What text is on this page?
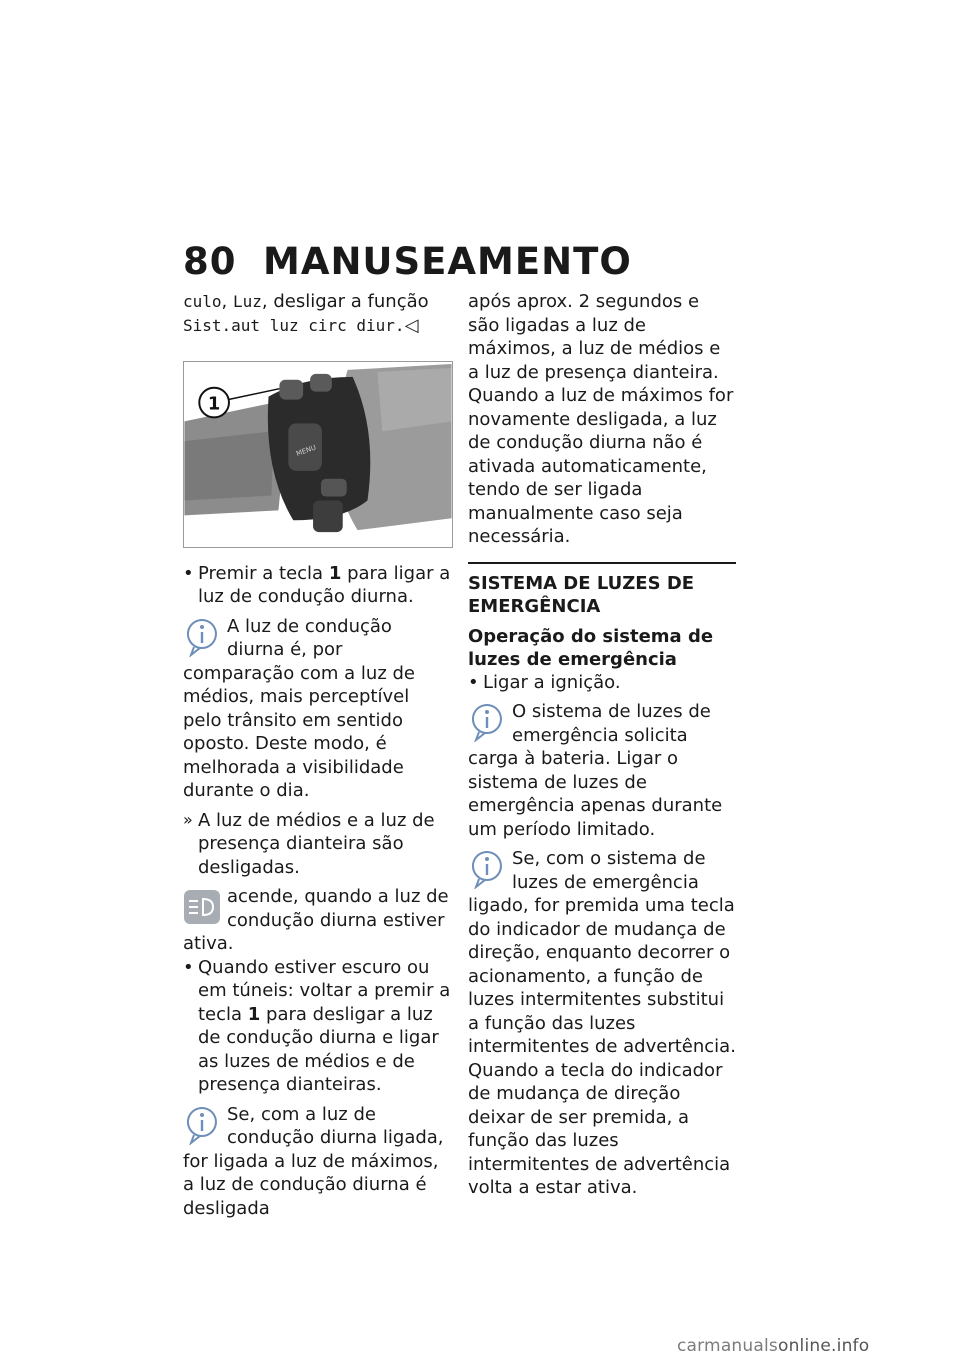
80 MANUSEAMENTO

culo, Luz, desligar a função
Sist.aut luz circ diur.◁

MENU
1
• Premir a tecla 1 para ligar a luz de condução diurna.
A luz de condução diurna é, por comparação com a luz de médios, mais perceptível pelo trânsito em sentido oposto. Deste modo, é melhorada a visibilidade durante o dia.
» A luz de médios e a luz de presença dianteira são desligadas.
acende, quando a luz de condução diurna estiver ativa.
• Quando estiver escuro ou em túneis: voltar a premir a tecla 1 para desligar a luz de condução diurna e ligar as luzes de médios e de presença dianteiras.
Se, com a luz de condução diurna ligada, for ligada a luz de máximos, a luz de condução diurna é desligada

após aprox. 2 segundos e são ligadas a luz de máximos, a luz de médios e a luz de presença dianteira.

Quando a luz de máximos for novamente desligada, a luz de condução diurna não é ativada automaticamente, tendo de ser ligada manualmente caso seja necessária.

SISTEMA DE LUZES DE EMERGÊNCIA
Operação do sistema de luzes de emergência
• Ligar a ignição.
O sistema de luzes de emergência solicita carga à bateria. Ligar o sistema de luzes de emergência apenas durante um período limitado.
Se, com o sistema de luzes de emergência ligado, for premida uma tecla do indicador de mudança de direção, enquanto decorrer o acionamento, a função de luzes intermitentes substitui a função das luzes intermitentes de advertência. Quando a tecla do indicador de mudança de direção deixar de ser premida, a função das luzes intermitentes de advertência volta a estar ativa.
carmanualsonline.info
